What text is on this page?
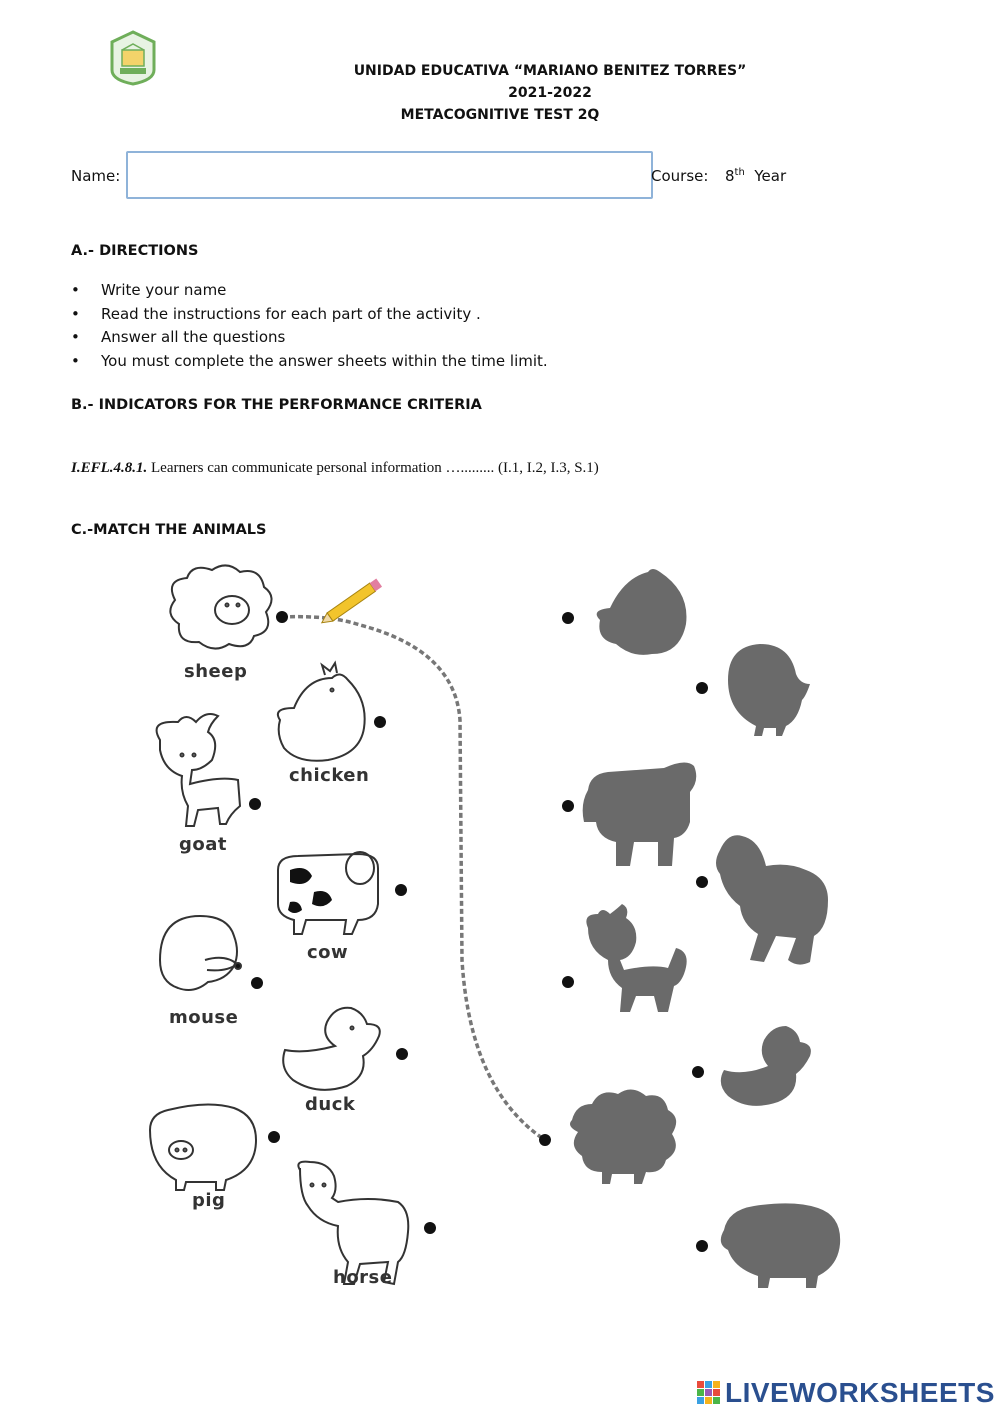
UNIDAD EDUCATIVA “MARIANO BENITEZ TORRES”
2021-2022
METACOGNITIVE TEST 2Q
Name:	Course: 8th Year
A.- DIRECTIONS
• Write your name
• Read the instructions for each part of the activity .
• Answer all the questions
• You must complete the answer sheets within the time limit.
B.- INDICATORS FOR THE PERFORMANCE CRITERIA
I.EFL.4.8.1. Learners can communicate personal information …......... (I.1, I.2, I.3, S.1)
C.-MATCH THE ANIMALS
sheep
chicken
goat
cow
mouse
duck
pig
horse
LIVEWORKSHEETS
